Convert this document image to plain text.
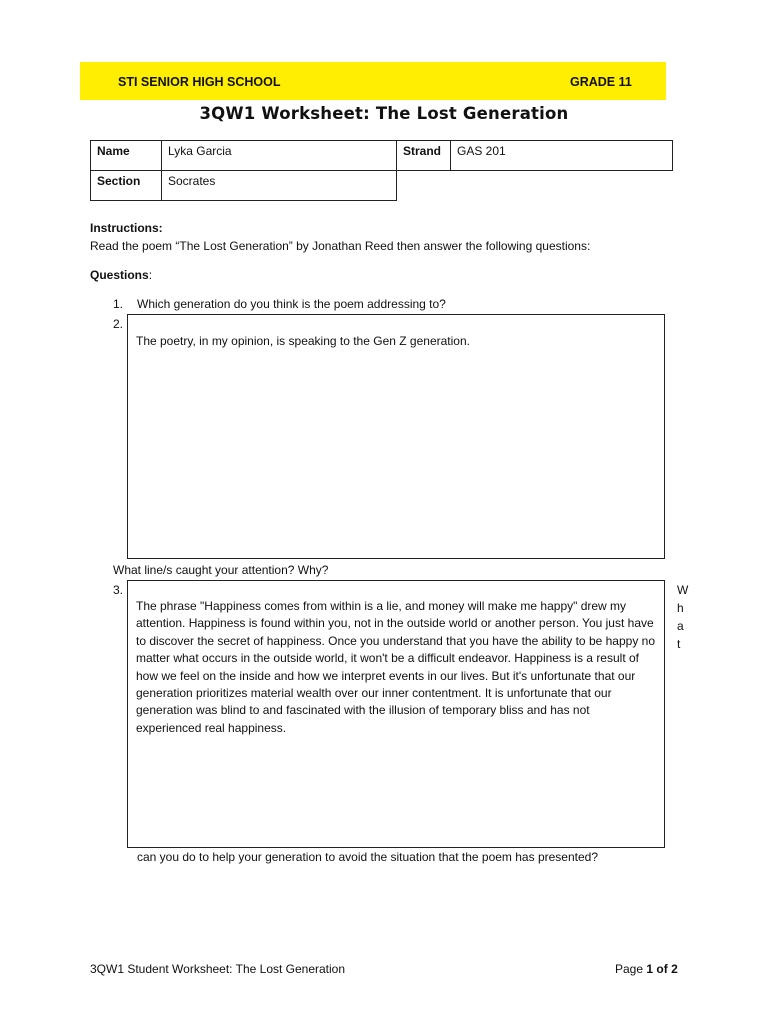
STI SENIOR HIGH SCHOOL	GRADE 11
3QW1 Worksheet: The Lost Generation
Name	Lyka Garcia	Strand	GAS 201
Section	Socrates		
Instructions:
Read the poem “The Lost Generation” by Jonathan Reed then answer the following questions:
Questions:
1. Which generation do you think is the poem addressing to?
2.
The poetry, in my opinion, is speaking to the Gen Z generation.
What line/s caught your attention? Why?
3.
The phrase "Happiness comes from within is a lie, and money will make me happy" drew my attention. Happiness is found within you, not in the outside world or another person. You just have to discover the secret of happiness. Once you understand that you have the ability to be happy no matter what occurs in the outside world, it won't be a difficult endeavor. Happiness is a result of how we feel on the inside and how we interpret events in our lives. But it's unfortunate that our generation prioritizes material wealth over our inner contentment. It is unfortunate that our generation was blind to and fascinated with the illusion of temporary bliss and has not experienced real happiness.
W
h
a
t
can you do to help your generation to avoid the situation that the poem has presented?
3QW1 Student Worksheet: The Lost Generation	Page 1 of 2
